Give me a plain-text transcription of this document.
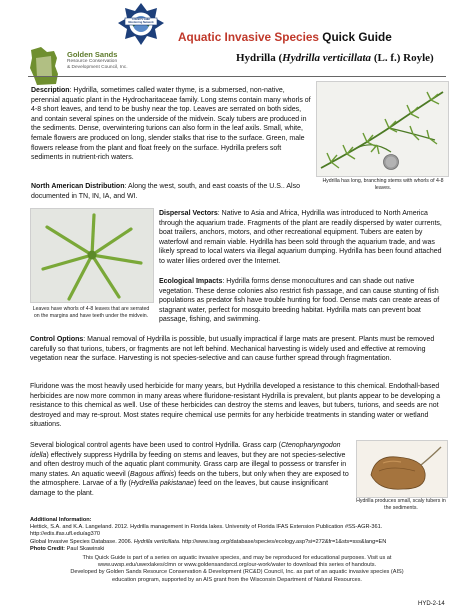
Citizen's Lake Monitoring Network
Golden Sands
Resource Conservation
& Development Council, Inc.
Aquatic Invasive Species Quick Guide
Hydrilla (Hydrilla verticillata (L. f.) Royle)

Description: Hydrilla, sometimes called water thyme, is a submersed, non-native, perennial aquatic plant in the Hydrocharitaceae family. Long stems contain many whorls of 4-8 short leaves, and tend to be bushy near the top. Leaves are serrated on both sides, and contain several spines on the underside of the midvein. Scaly tubers are produced in the sediments. Dense, overwintering turions can also form in the leaf axils. Small, white, female flowers are produced on long, slender stalks that rise to the surface. Green, male flowers release from the plant and float freely on the surface. Hydrilla prefers soft sediments in nutrient-rich waters.

Hydrilla has long, branching stems with whorls of 4-8 leaves.

North American Distribution: Along the west, south, and east coasts of the U.S.. Also documented in TN, IN, IA, and WI.

Leaves have whorls of 4-8 leaves that are serrated on the margins and have teeth under the midvein.

Dispersal Vectors: Native to Asia and Africa, Hydrilla was introduced to North America through the aquarium trade. Fragments of the plant are readily dispersed by water currents, boat trailers, anchors, motors, and other recreational equipment. Tubers are eaten by waterfowl and remain viable. Hydrilla has been sold through the aquarium trade, and was likely spread to local waters via illegal aquarium dumping. Hydrilla has been found attached to water lilies ordered over the Internet.

Ecological Impacts: Hydrilla forms dense monocultures and can shade out native vegetation. These dense colonies also restrict fish passage, and can cause stunting of fish populations as predator fish have trouble hunting for food. Dense mats can create areas of stagnant water, perfect for mosquito breeding habitat. Hydrilla mats can prevent boat passage, fishing, and swimming.

Control Options: Manual removal of Hydrilla is possible, but usually impractical if large mats are present. Plants must be removed carefully so that turions, tubers, or fragments are not left behind. Mechanical harvesting is widely used and effective at removing vegetation near the surface. Harvesting is not species-selective and can cause further spread through fragmentation.

Fluridone was the most heavily used herbicide for many years, but Hydrilla developed a resistance to this chemical. Endothall-based herbicides are now more common in many areas where fluridone-resistant Hydrilla is prevalent, but plants appear to be developing a resistance to this chemical as well. Use of these herbicides can destroy the stems and leaves, but tubers, turions, and seeds are not destroyed and may re-sprout. Most states require chemical use permits for any herbicide treatments in standing water or wetland situations.

Several biological control agents have been used to control Hydrilla. Grass carp (Ctenopharyngodon idella) effectively suppress Hydrilla by feeding on stems and leaves, but they are not species-selective and often destroy much of the aquatic plant community. Grass carp are illegal to possess or transfer in many states. An aquatic weevil (Bagous affinis) feeds on the tubers, but only when they are exposed to the atmosphere. Larvae of a fly (Hydrellia pakistanae) feed on the leaves, but cause insignificant damage to the plant.

Hydrilla produces small, scaly tubers in the sediments.

Additional Information:
Hettick, S.A. and K.A. Langeland. 2012. Hydrilla management in Florida lakes. University of Florida IFAS Extension Publication #SS-AGR-361. http://edis.ifas.ufl.edu/ag370
Global Invasive Species Database. 2006. Hydrilla verticillata. http://www.issg.org/database/species/ecology.asp?si=272&fr=1&sts=sss&lang=EN
Photo Credit: Paul Skawinski
This Quick Guide is part of a series on aquatic invasive species, and may be reproduced for educational purposes. Visit us at
www.uwsp.edu/uwexlakes/clmn or www.goldensandsrcd.org/our-work/water to download this series of handouts.
Developed by Golden Sands Resource Conservation & Development (RC&D) Council, Inc. as part of an aquatic invasive species (AIS)
education program, supported by an AIS grant from the Wisconsin Department of Natural Resources.
HYD-2-14
